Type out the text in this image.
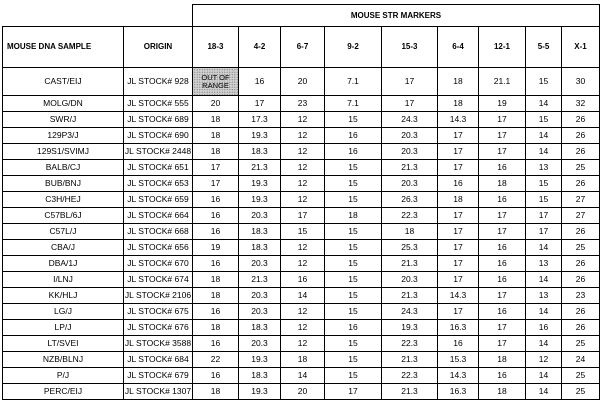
		MOUSE STR MARKERS								
MOUSE DNA SAMPLE	ORIGIN	18-3	4-2	6-7	9-2	15-3	6-4	12-1	5-5	X-1
CAST/EIJ	JL STOCK# 928	OUT OF RANGE	16	20	7.1	17	18	21.1	15	30
MOLG/DN	JL STOCK# 555	20	17	23	7.1	17	18	19	14	32
SWR/J	JL STOCK# 689	18	17.3	12	15	24.3	14.3	17	15	26
129P3/J	JL STOCK# 690	18	19.3	12	16	20.3	17	17	14	26
129S1/SVIMJ	JL STOCK# 2448	18	18.3	12	16	20.3	17	17	14	26
BALB/CJ	JL STOCK# 651	17	21.3	12	15	21.3	17	16	13	25
BUB/BNJ	JL STOCK# 653	17	19.3	12	15	20.3	16	18	15	26
C3H/HEJ	JL STOCK# 659	16	19.3	12	15	26.3	18	16	15	27
C57BL/6J	JL STOCK# 664	16	20.3	17	18	22.3	17	17	17	27
C57L/J	JL STOCK# 668	16	18.3	15	15	18	17	17	17	26
CBA/J	JL STOCK# 656	19	18.3	12	15	25.3	17	16	14	25
DBA/1J	JL STOCK# 670	16	20.3	12	15	21.3	17	16	13	26
I/LNJ	JL STOCK# 674	18	21.3	16	15	20.3	17	16	14	26
KK/HLJ	JL STOCK# 2106	18	20.3	14	15	21.3	14.3	17	13	23
LG/J	JL STOCK# 675	16	20.3	12	15	24.3	17	16	14	26
LP/J	JL STOCK# 676	18	18.3	12	16	19.3	16.3	17	16	26
LT/SVEI	JL STOCK# 3588	16	20.3	12	15	22.3	16	17	14	25
NZB/BLNJ	JL STOCK# 684	22	19.3	18	15	21.3	15.3	18	12	24
P/J	JL STOCK# 679	16	18.3	14	15	22.3	14.3	16	14	25
PERC/EIJ	JL STOCK# 1307	18	19.3	20	17	21.3	16.3	18	14	25
